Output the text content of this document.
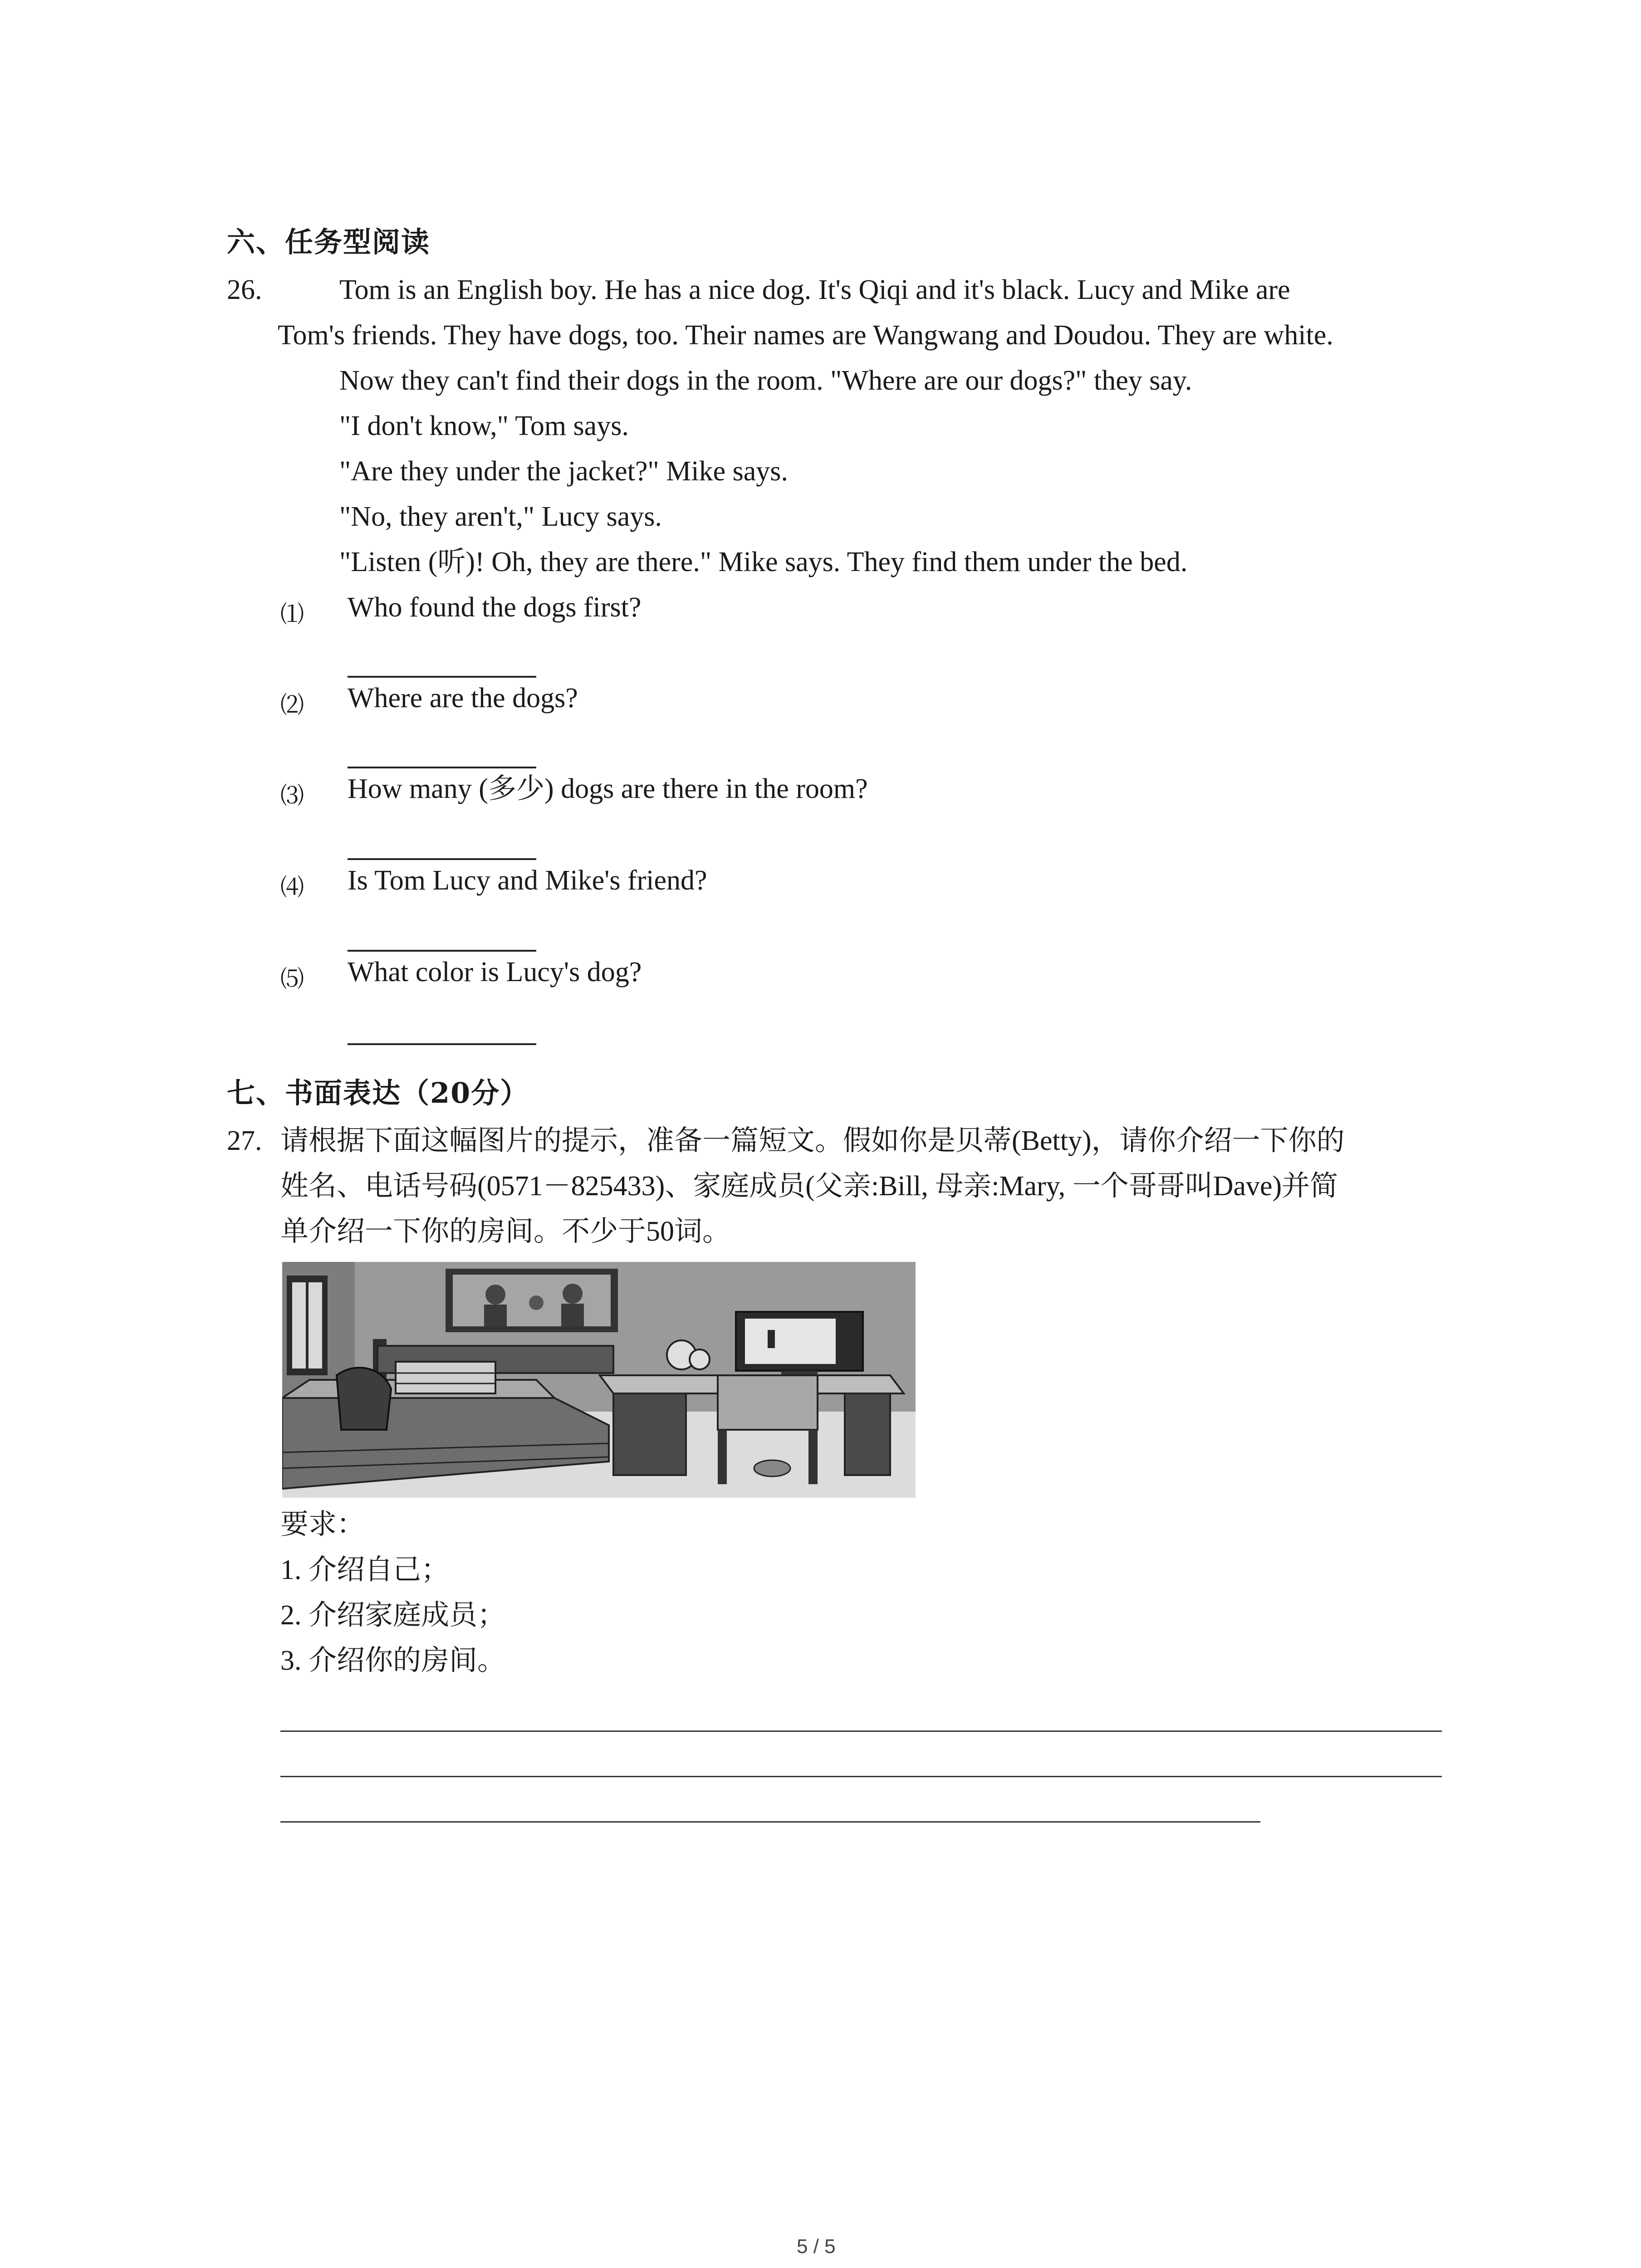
六、任务型阅读
26.	Tom is an English boy. He has a nice dog. It's Qiqi and it's black. Lucy and Mike are
Tom's friends. They have dogs, too. Their names are Wangwang and Doudou. They are white.
Now they can't find their dogs in the room. "Where are our dogs?" they say.
"I don't know," Tom says.
"Are they under the jacket?" Mike says.
"No, they aren't," Lucy says.
"Listen (听)! Oh, they are there." Mike says. They find them under the bed.
⑴ Who found the dogs first?
⑵ Where are the dogs?
⑶ How many (多少) dogs are there in the room?
⑷ Is Tom Lucy and Mike's friend?
⑸ What color is Lucy's dog?
七、书面表达（20分）
27. 请根据下面这幅图片的提示，准备一篇短文。假如你是贝蒂(Betty)，请你介绍一下你的
姓名、电话号码(0571－825433)、家庭成员(父亲:Bill, 母亲:Mary, 一个哥哥叫Dave)并简
单介绍一下你的房间。不少于50词。
要求：
1. 介绍自己；
2. 介绍家庭成员；
3. 介绍你的房间。
5 / 5
